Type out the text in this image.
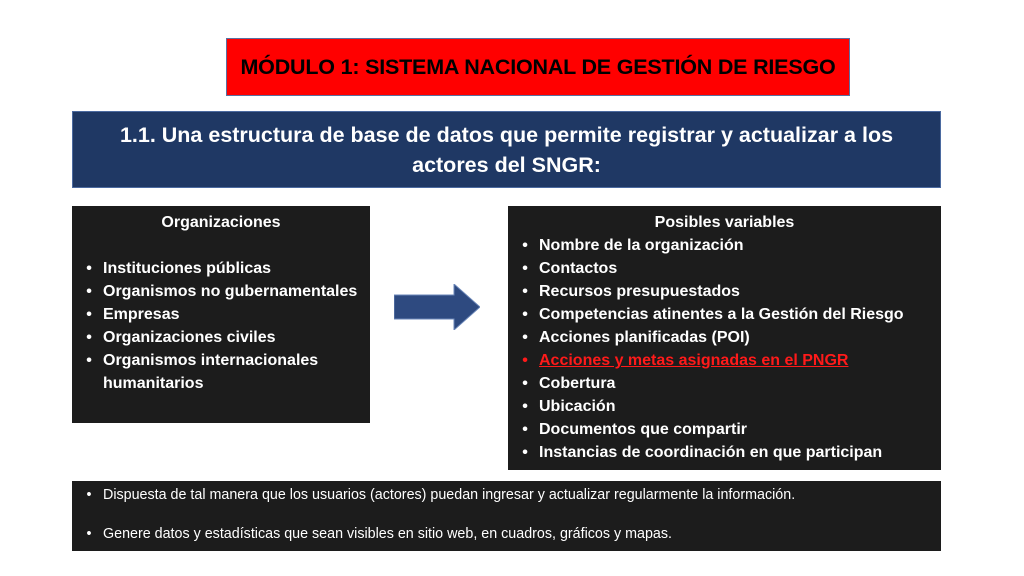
MÓDULO 1: SISTEMA NACIONAL DE GESTIÓN DE RIESGO
1.1. Una estructura de base de datos que permite registrar y actualizar a los actores del SNGR:
Organizaciones
• Instituciones públicas
• Organismos no gubernamentales
• Empresas
• Organizaciones civiles
• Organismos internacionales humanitarios
Posibles variables
• Nombre de la organización
• Contactos
• Recursos presupuestados
• Competencias atinentes a la Gestión del Riesgo
• Acciones planificadas (POI)
• Acciones y metas asignadas en el PNGR
• Cobertura
• Ubicación
• Documentos que compartir
• Instancias de coordinación en que participan
• Dispuesta de tal manera que los usuarios (actores) puedan ingresar y actualizar regularmente la información.
• Genere datos y estadísticas que sean visibles en sitio web, en cuadros, gráficos y mapas.
